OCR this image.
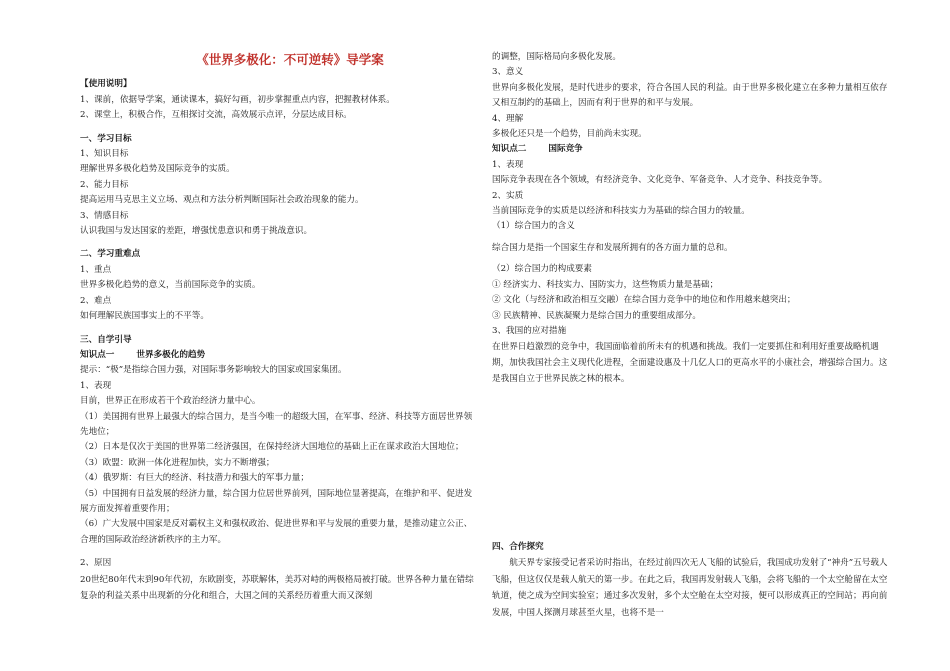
《世界多极化：不可逆转》导学案
【使用说明】
1、课前，依据导学案，通读课本，搞好勾画，初步掌握重点内容，把握教材体系。
2、课堂上，积极合作，互相探讨交流，高效展示点评，分层达成目标。
一、学习目标
1、知识目标
理解世界多极化趋势及国际竞争的实质。
2、能力目标
提高运用马克思主义立场、观点和方法分析判断国际社会政治现象的能力。
3、情感目标
认识我国与发达国家的差距，增强忧患意识和勇于挑战意识。
二、学习重难点
1、重点
世界多极化趋势的意义，当前国际竞争的实质。
2、难点
如何理解民族国事实上的不平等。
三、自学引导
知识点一	世界多极化的趋势
提示：“极”是指综合国力强，对国际事务影响较大的国家或国家集团。
1、表现
目前，世界正在形成若干个政治经济力量中心。
（1）美国拥有世界上最强大的综合国力，是当今唯一的超级大国，在军事、经济、科技等方面居世界领先地位；
（2）日本是仅次于美国的世界第二经济强国，在保持经济大国地位的基础上正在谋求政治大国地位；
（3）欧盟：欧洲一体化进程加快，实力不断增强；
（4）俄罗斯：有巨大的经济、科技潜力和强大的军事力量；
（5）中国拥有日益发展的经济力量，综合国力位居世界前列，国际地位显著提高，在维护和平、促进发展方面发挥着重要作用；
（6）广大发展中国家是反对霸权主义和强权政治、促进世界和平与发展的重要力量，是推动建立公正、合理的国际政治经济新秩序的主力军。
2、原因
20世纪80年代末到90年代初，东欧剧变，苏联解体，美苏对峙的两极格局被打破。世界各种力量在错综复杂的利益关系中出现新的分化和组合，大国之间的关系经历着重大而又深刻
的调整，国际格局向多极化发展。
3、意义
世界向多极化发展，是时代进步的要求，符合各国人民的利益。由于世界多极化建立在多种力量相互依存又相互制约的基础上，因而有利于世界的和平与发展。
4、理解
多极化还只是一个趋势，目前尚未实现。
知识点二	国际竞争
1、表现
国际竞争表现在各个领域，有经济竞争、文化竞争、军备竞争、人才竞争、科技竞争等。
2、实质
当前国际竞争的实质是以经济和科技实力为基础的综合国力的较量。
（1）综合国力的含义
综合国力是指一个国家生存和发展所拥有的各方面力量的总和。
（2）综合国力的构成要素
① 经济实力、科技实力、国防实力，这些物质力量是基础；
② 文化（与经济和政治相互交融）在综合国力竞争中的地位和作用越来越突出；
③ 民族精神、民族凝聚力是综合国力的重要组成部分。
3、我国的应对措施
在世界日趋激烈的竞争中，我国面临着前所未有的机遇和挑战。我们一定要抓住和利用好重要战略机遇期，加快我国社会主义现代化进程，全面建设惠及十几亿人口的更高水平的小康社会，增强综合国力。这是我国自立于世界民族之林的根本。
四、合作探究
航天界专家接受记者采访时指出，在经过前四次无人飞船的试验后，我国成功发射了“神舟”五号载人飞船，但这仅仅是载人航天的第一步。在此之后，我国再发射载人飞船，会将飞船的一个太空舱留在太空轨道，使之成为空间实验室；通过多次发射，多个太空舱在太空对接，便可以形成真正的空间站；再向前发展，中国人探测月球甚至火星，也将不是一
